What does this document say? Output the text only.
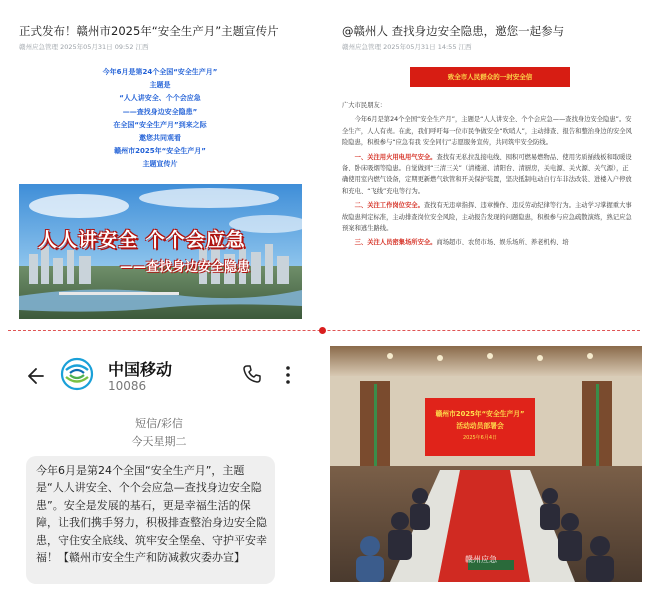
正式发布！赣州市2025年“安全生产月”主题宣传片
赣州应急管理 2025年05月31日 09:52 江西
今年6月是第24个全国“安全生产月”
主题是
“人人讲安全、个个会应急
——查找身边安全隐患”
在全国“安全生产月”到来之际
邀您共同观看
赣州市2025年“安全生产月”
主题宣传片
人人讲安全 个个会应急
——查找身边安全隐患
@赣州人 查找身边安全隐患，邀您一起参与
赣州应急管理 2025年05月31日 14:55 江西
致全市人民群众的一封安全信

广大市民朋友：

今年6月是第24个全国“安全生产月”，主题是“人人讲安全、个个会应急——查找身边安全隐患”。安全生产，人人有责。在此，我们呼吁每一位市民争做安全“吹哨人”，主动排查、报告和整治身边的安全风险隐患，积极参与“应急有我 安全同行”志愿服务宣传，共同筑牢安全防线。

一、关注用火用电用气安全。查找有无私拉乱接电线、囤积可燃易燃物品、使用劣质插线板和取暖设备、卧床吸烟等隐患。自觉做到“三清三关”（清楼道、清阳台、清厨房，关电源、关火源、关气源），正确使用室内燃气设备，定期更新燃气软管和开关保护装置，坚决抵制电动自行车非法改装、进楼入户停放和充电、“飞线”充电等行为。

二、关注工作岗位安全。查找有无违章指挥、违章操作、违反劳动纪律等行为。主动学习掌握重大事故隐患判定标准，主动排查岗位安全风险，主动报告发现的问题隐患，积极参与应急疏散演练，熟记应急预案和逃生路线。

三、关注人员密集场所安全。商场超市、农贸市场、娱乐场所、养老机构、培

中国移动
10086
短信/彩信
今天星期二
今年6月是第24个全国“安全生产月”，主题是“人人讲安全、个个会应急—查找身边安全隐患”。安全是发展的基石，更是幸福生活的保障，让我们携手努力，积极排查整治身边安全隐患，守住安全底线、筑牢安全堡垒、守护平安幸福！【赣州市安全生产和防减救灾委办宣】
赣州市2025年“安全生产月”
活动动员部署会
2025年6月4日
赣州应急
